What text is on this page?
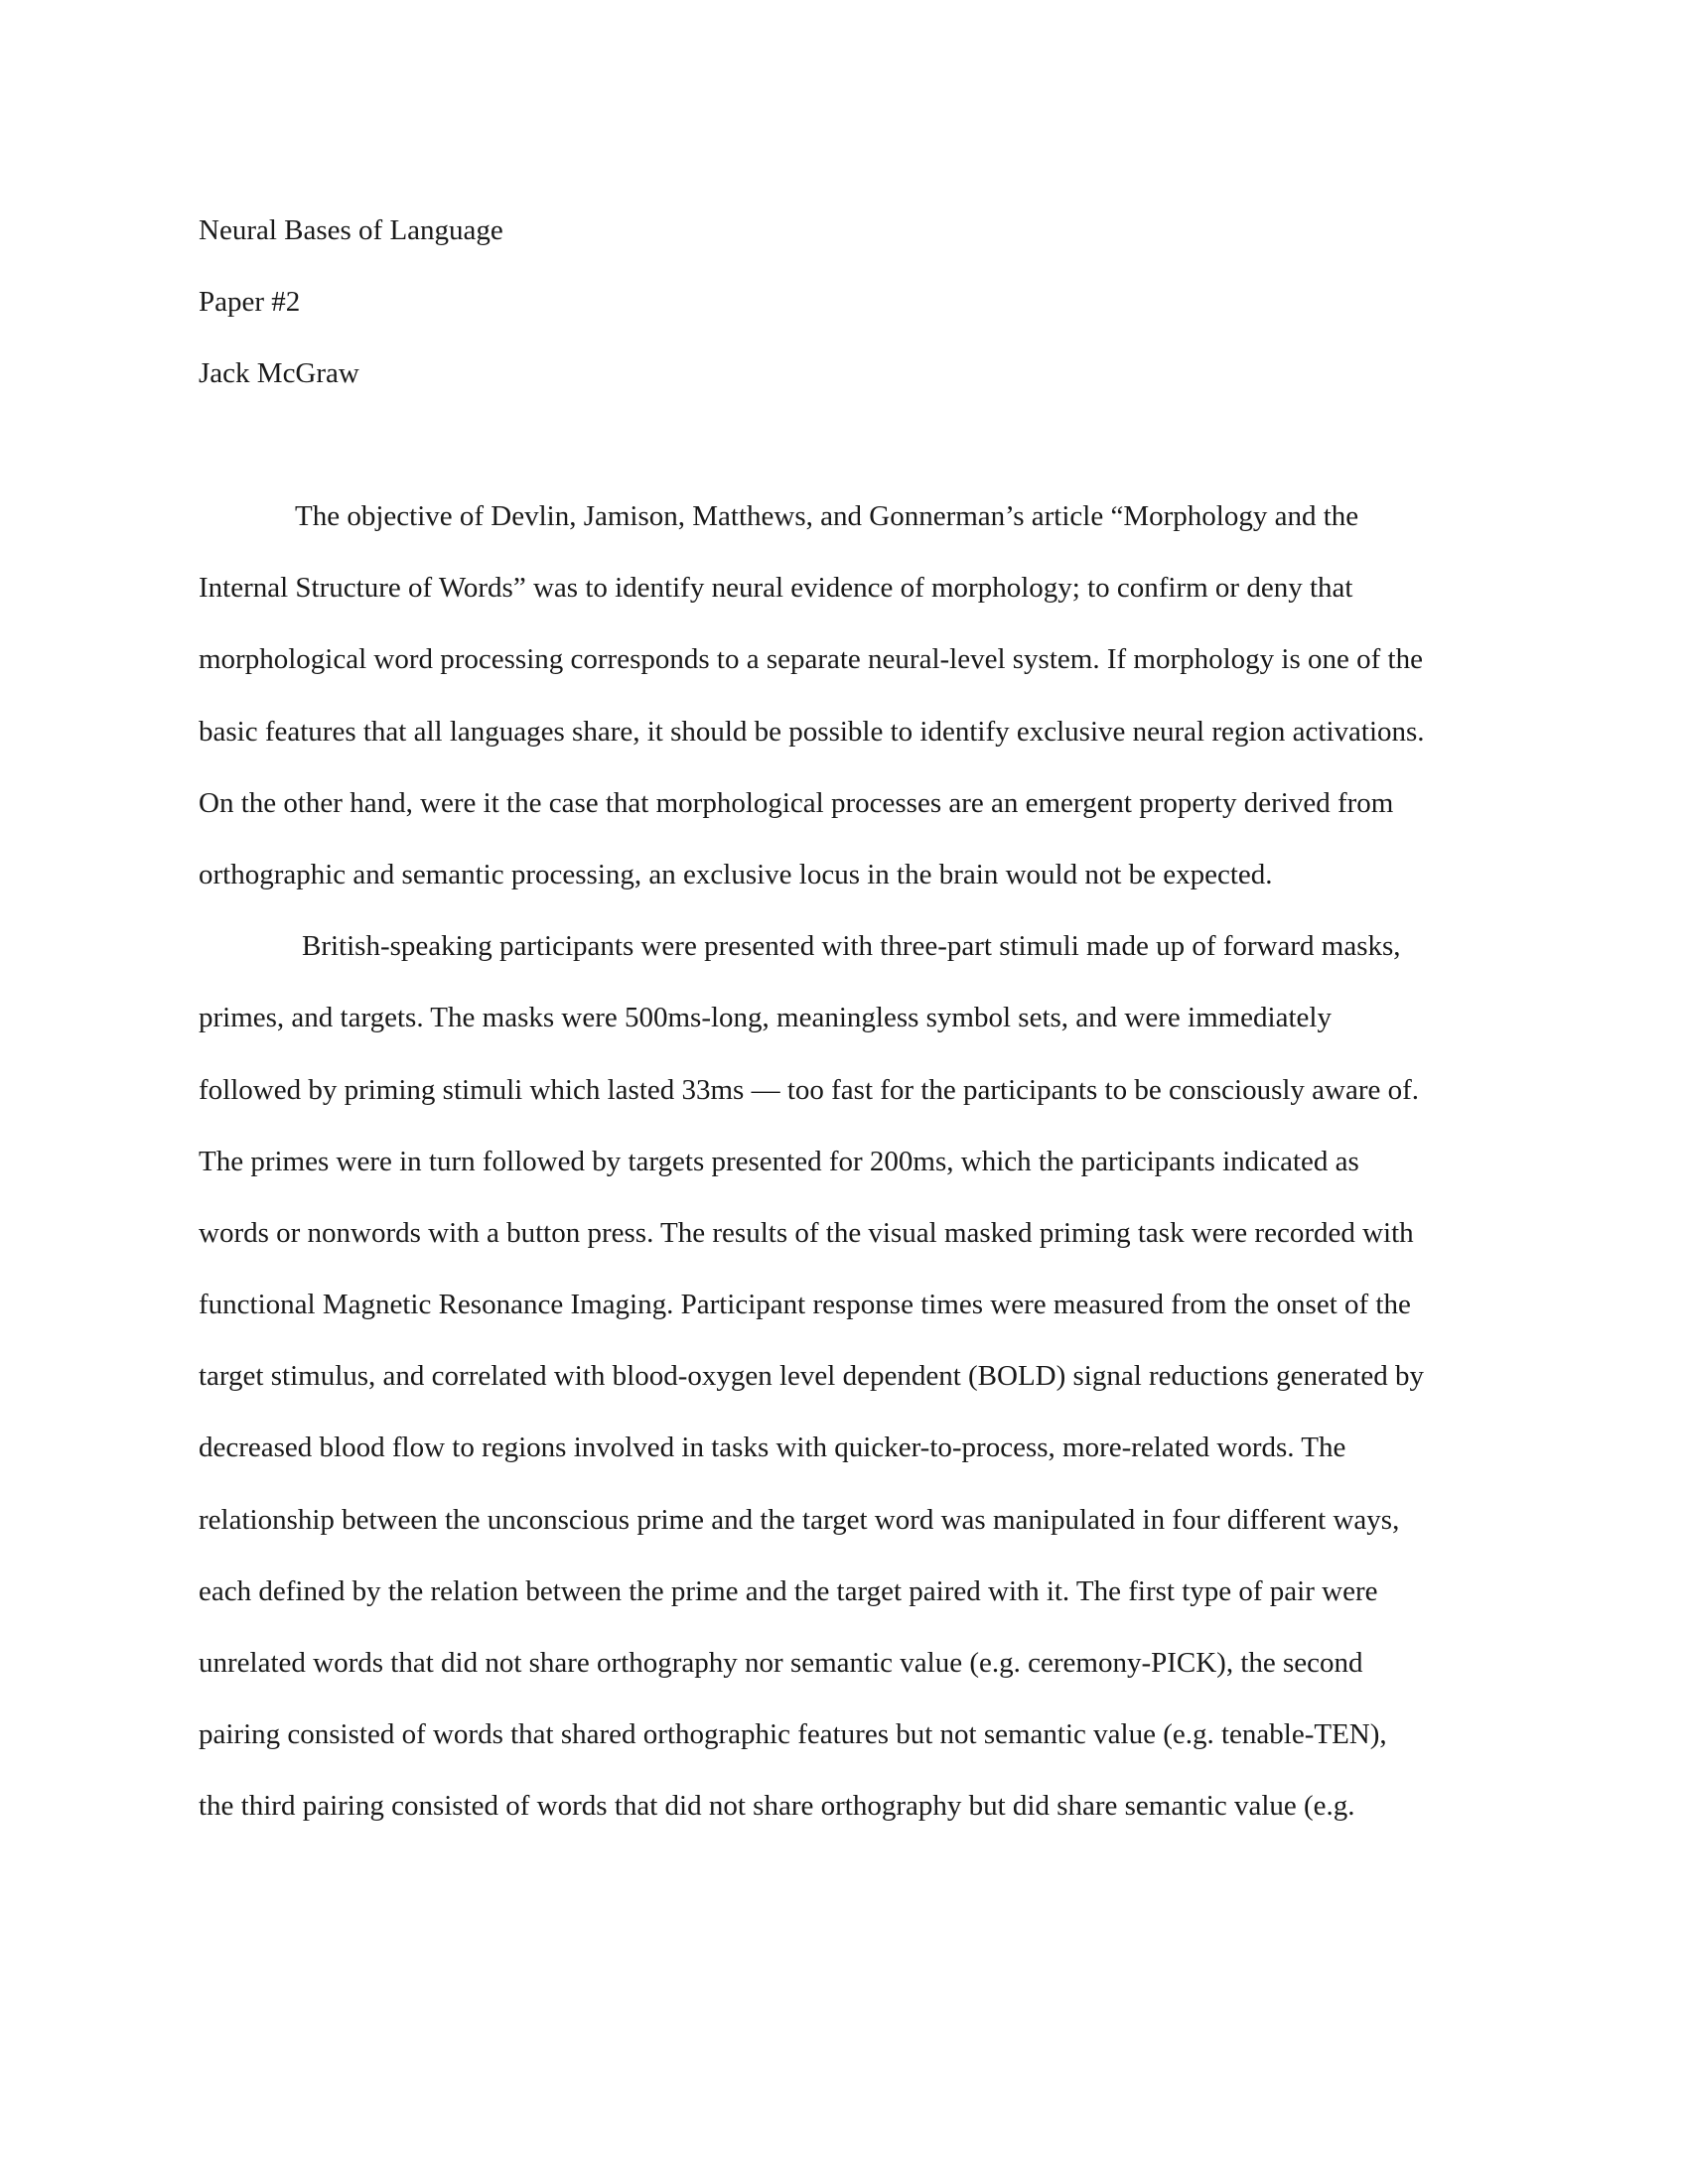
Neural Bases of Language
Paper #2
Jack McGraw
The objective of Devlin, Jamison, Matthews, and Gonnerman’s article “Morphology and the
Internal Structure of Words” was to identify neural evidence of morphology; to confirm or deny that
morphological word processing corresponds to a separate neural-level system. If morphology is one of the
basic features that all languages share, it should be possible to identify exclusive neural region activations.
On the other hand, were it the case that morphological processes are an emergent property derived from
orthographic and semantic processing, an exclusive locus in the brain would not be expected.
British-speaking participants were presented with three-part stimuli made up of forward masks,
primes, and targets. The masks were 500ms-long, meaningless symbol sets, and were immediately
followed by priming stimuli which lasted 33ms — too fast for the participants to be consciously aware of.
The primes were in turn followed by targets presented for 200ms, which the participants indicated as
words or nonwords with a button press. The results of the visual masked priming task were recorded with
functional Magnetic Resonance Imaging. Participant response times were measured from the onset of the
target stimulus, and correlated with blood-oxygen level dependent (BOLD) signal reductions generated by
decreased blood flow to regions involved in tasks with quicker-to-process, more-related words. The
relationship between the unconscious prime and the target word was manipulated in four different ways,
each defined by the relation between the prime and the target paired with it. The first type of pair were
unrelated words that did not share orthography nor semantic value (e.g. ceremony-PICK), the second
pairing consisted of words that shared orthographic features but not semantic value (e.g. tenable-TEN),
the third pairing consisted of words that did not share orthography but did share semantic value (e.g.
